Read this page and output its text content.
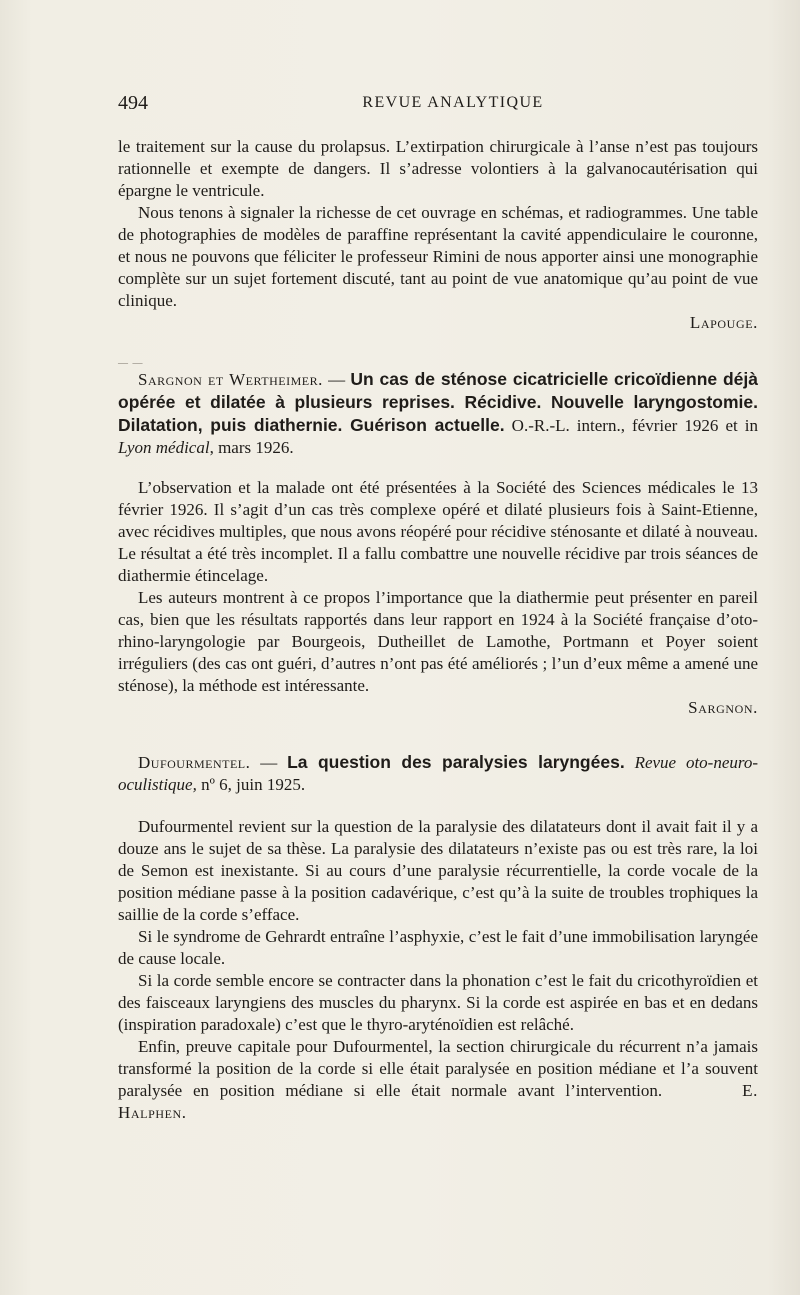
494	REVUE ANALYTIQUE

le traitement sur la cause du prolapsus. L’extirpation chirurgicale à l’anse n’est pas toujours rationnelle et exempte de dangers. Il s’adresse volontiers à la galvanocautérisation qui épargne le ventricule.

Nous tenons à signaler la richesse de cet ouvrage en schémas, et radiogrammes. Une table de photographies de modèles de paraffine représentant la cavité appendiculaire le couronne, et nous ne pouvons que féliciter le professeur Rimini de nous apporter ainsi une monographie complète sur un sujet fortement discuté, tant au point de vue anatomique qu’au point de vue clinique.

Lapouge.

— —

Sargnon et Wertheimer. — Un cas de sténose cicatricielle cricoïdienne déjà opérée et dilatée à plusieurs reprises. Récidive. Nouvelle laryngostomie. Dilatation, puis diathernie. Guérison actuelle. O.-R.-L. intern., février 1926 et in Lyon médical, mars 1926.

L’observation et la malade ont été présentées à la Société des Sciences médicales le 13 février 1926. Il s’agit d’un cas très complexe opéré et dilaté plusieurs fois à Saint-Etienne, avec récidives multiples, que nous avons réopéré pour récidive sténosante et dilaté à nouveau. Le résultat a été très incomplet. Il a fallu combattre une nouvelle récidive par trois séances de diathermie étincelage.

Les auteurs montrent à ce propos l’importance que la diathermie peut présenter en pareil cas, bien que les résultats rapportés dans leur rapport en 1924 à la Société française d’oto-rhino-laryngologie par Bourgeois, Dutheillet de Lamothe, Portmann et Poyer soient irréguliers (des cas ont guéri, d’autres n’ont pas été améliorés ; l’un d’eux même a amené une sténose), la méthode est intéressante.

Sargnon.

Dufourmentel. — La question des paralysies laryngées. Revue oto-neuro-oculistique, nº 6, juin 1925.

Dufourmentel revient sur la question de la paralysie des dilatateurs dont il avait fait il y a douze ans le sujet de sa thèse. La paralysie des dilatateurs n’existe pas ou est très rare, la loi de Semon est inexistante. Si au cours d’une paralysie récurrentielle, la corde vocale de la position médiane passe à la position cadavérique, c’est qu’à la suite de troubles trophiques la saillie de la corde s’efface.

Si le syndrome de Gehrardt entraîne l’asphyxie, c’est le fait d’une immobilisation laryngée de cause locale.

Si la corde semble encore se contracter dans la phonation c’est le fait du cricothyroïdien et des faisceaux laryngiens des muscles du pharynx. Si la corde est aspirée en bas et en dedans (inspiration paradoxale) c’est que le thyro-aryténoïdien est relâché.

Enfin, preuve capitale pour Dufourmentel, la section chirurgicale du récurrent n’a jamais transformé la position de la corde si elle était paralysée en position médiane et l’a souvent paralysée en position médiane si elle était normale avant l’intervention.	E. Halphen.
